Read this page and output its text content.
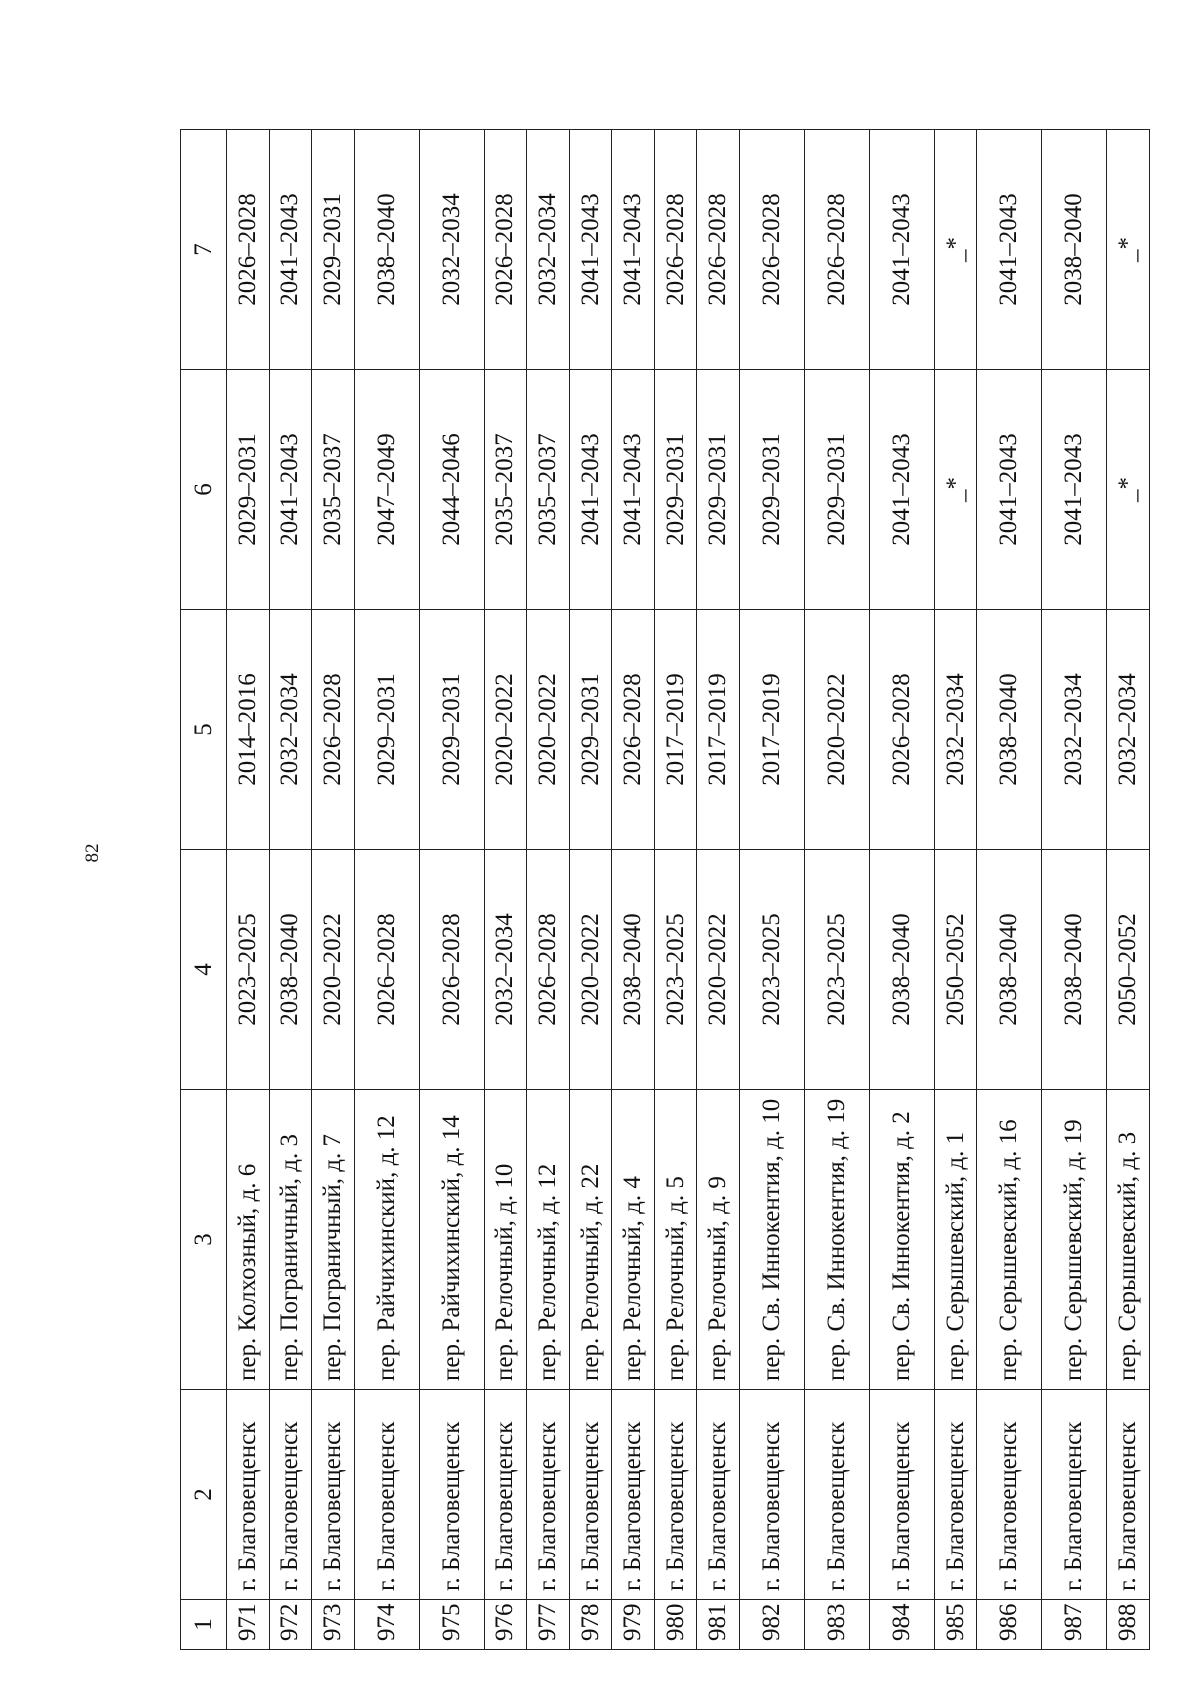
82
1	2	3	4	5	6	7
971	г. Благовещенск	пер. Колхозный, д. 6	2023–2025	2014–2016	2029–2031	2026–2028
972	г. Благовещенск	пер. Пограничный, д. 3	2038–2040	2032–2034	2041–2043	2041–2043
973	г. Благовещенск	пер. Пограничный, д. 7	2020–2022	2026–2028	2035–2037	2029–2031
974	г. Благовещенск	пер. Райчихинский, д. 12	2026–2028	2029–2031	2047–2049	2038–2040
975	г. Благовещенск	пер. Райчихинский, д. 14	2026–2028	2029–2031	2044–2046	2032–2034
976	г. Благовещенск	пер. Релочный, д. 10	2032–2034	2020–2022	2035–2037	2026–2028
977	г. Благовещенск	пер. Релочный, д. 12	2026–2028	2020–2022	2035–2037	2032–2034
978	г. Благовещенск	пер. Релочный, д. 22	2020–2022	2029–2031	2041–2043	2041–2043
979	г. Благовещенск	пер. Релочный, д. 4	2038–2040	2026–2028	2041–2043	2041–2043
980	г. Благовещенск	пер. Релочный, д. 5	2023–2025	2017–2019	2029–2031	2026–2028
981	г. Благовещенск	пер. Релочный, д. 9	2020–2022	2017–2019	2029–2031	2026–2028
982	г. Благовещенск	пер. Св. Иннокентия, д. 10	2023–2025	2017–2019	2029–2031	2026–2028
983	г. Благовещенск	пер. Св. Иннокентия, д. 19	2023–2025	2020–2022	2029–2031	2026–2028
984	г. Благовещенск	пер. Св. Иннокентия, д. 2	2038–2040	2026–2028	2041–2043	2041–2043
985	г. Благовещенск	пер. Серышевский, д. 1	2050–2052	2032–2034	_*	_*
986	г. Благовещенск	пер. Серышевский, д. 16	2038–2040	2038–2040	2041–2043	2041–2043
987	г. Благовещенск	пер. Серышевский, д. 19	2038–2040	2032–2034	2041–2043	2038–2040
988	г. Благовещенск	пер. Серышевский, д. 3	2050–2052	2032–2034	_*	_*
